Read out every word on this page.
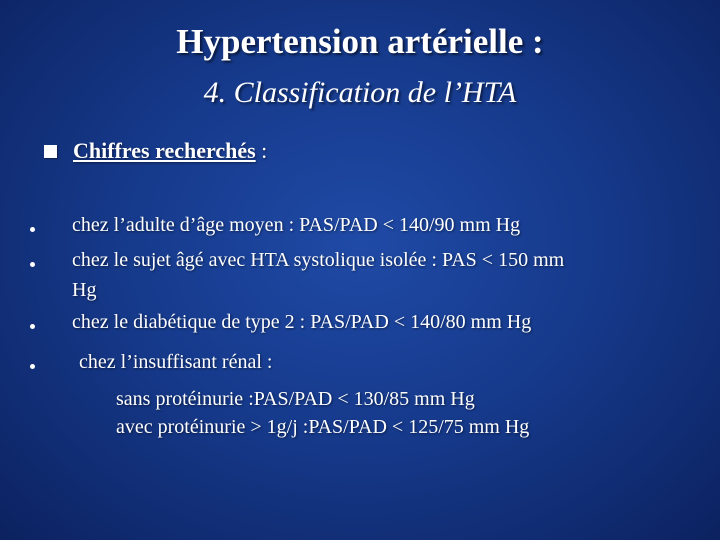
Hypertension artérielle :
4. Classification de l’HTA
Chiffres recherchés :
chez l’adulte d’âge moyen : PAS/PAD < 140/90 mm Hg
chez le sujet âgé avec HTA systolique isolée : PAS < 150 mm
Hg
chez le diabétique de type 2 : PAS/PAD < 140/80 mm Hg
chez l’insuffisant rénal :
sans protéinurie :PAS/PAD < 130/85 mm Hg
avec protéinurie > 1g/j :PAS/PAD < 125/75 mm Hg
